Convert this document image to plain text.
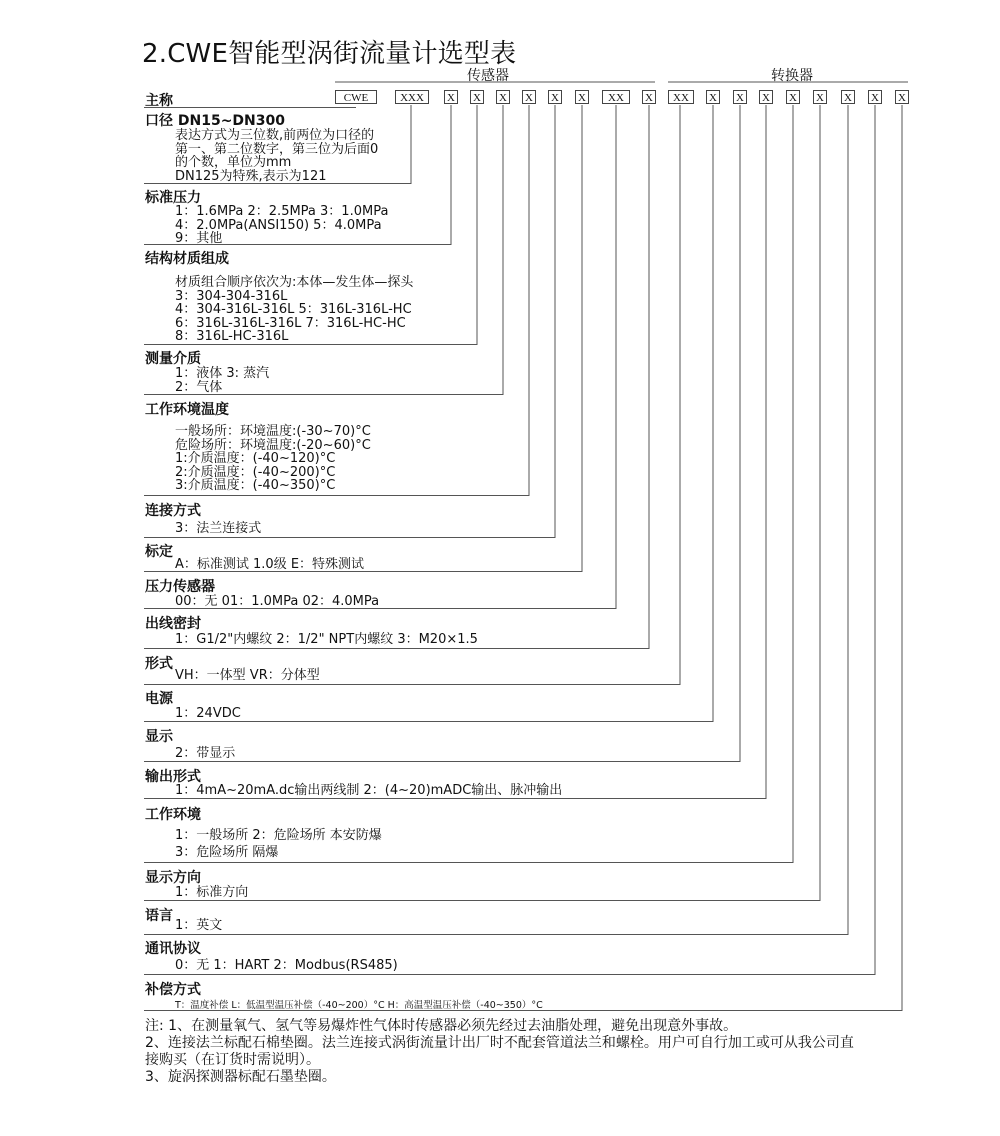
2.CWE智能型涡街流量计选型表
传感器	转换器
CWE	XXX	X X X X X X	XX	X	XX	X X X X X X X X
主称
口径 DN15~DN300
表达方式为三位数,前两位为口径的
第一、第二位数字，第三位为后面0
的个数，单位为mm
DN125为特殊,表示为121
标准压力
1：1.6MPa 2：2.5MPa 3：1.0MPa
4：2.0MPa(ANSI150) 5：4.0MPa
9：其他
结构材质组成
材质组合顺序依次为:本体—发生体—探头
3：304-304-316L
4：304-316L-316L 5：316L-316L-HC
6：316L-316L-316L 7：316L-HC-HC
8：316L-HC-316L
测量介质
1：液体 3: 蒸汽
2：气体
工作环境温度
一般场所：环境温度:(-30~70)°C
危险场所：环境温度:(-20~60)°C
1:介质温度：(-40~120)°C
2:介质温度：(-40~200)°C
3:介质温度：(-40~350)°C
连接方式
3：法兰连接式
标定
A：标准测试 1.0级 E：特殊测试
压力传感器
00：无 01：1.0MPa 02：4.0MPa
出线密封
1：G1/2"内螺纹 2：1/2" NPT内螺纹 3：M20×1.5
形式
VH：一体型 VR：分体型
电源
1：24VDC
显示
2：带显示
输出形式
1：4mA~20mA.dc输出两线制 2：(4~20)mADC输出、脉冲输出
工作环境
1：一般场所 2：危险场所 本安防爆
3：危险场所 隔爆
显示方向
1：标准方向
语言
1：英文
通讯协议
0：无 1：HART 2：Modbus(RS485)
补偿方式
T：温度补偿 L：低温型温压补偿（-40~200）°C H：高温型温压补偿（-40~350）°C
注: 1、在测量氧气、氢气等易爆炸性气体时传感器必须先经过去油脂处理，避免出现意外事故。
2、连接法兰标配石棉垫圈。法兰连接式涡街流量计出厂时不配套管道法兰和螺栓。用户可自行加工或可从我公司直
接购买（在订货时需说明）。
3、旋涡探测器标配石墨垫圈。
